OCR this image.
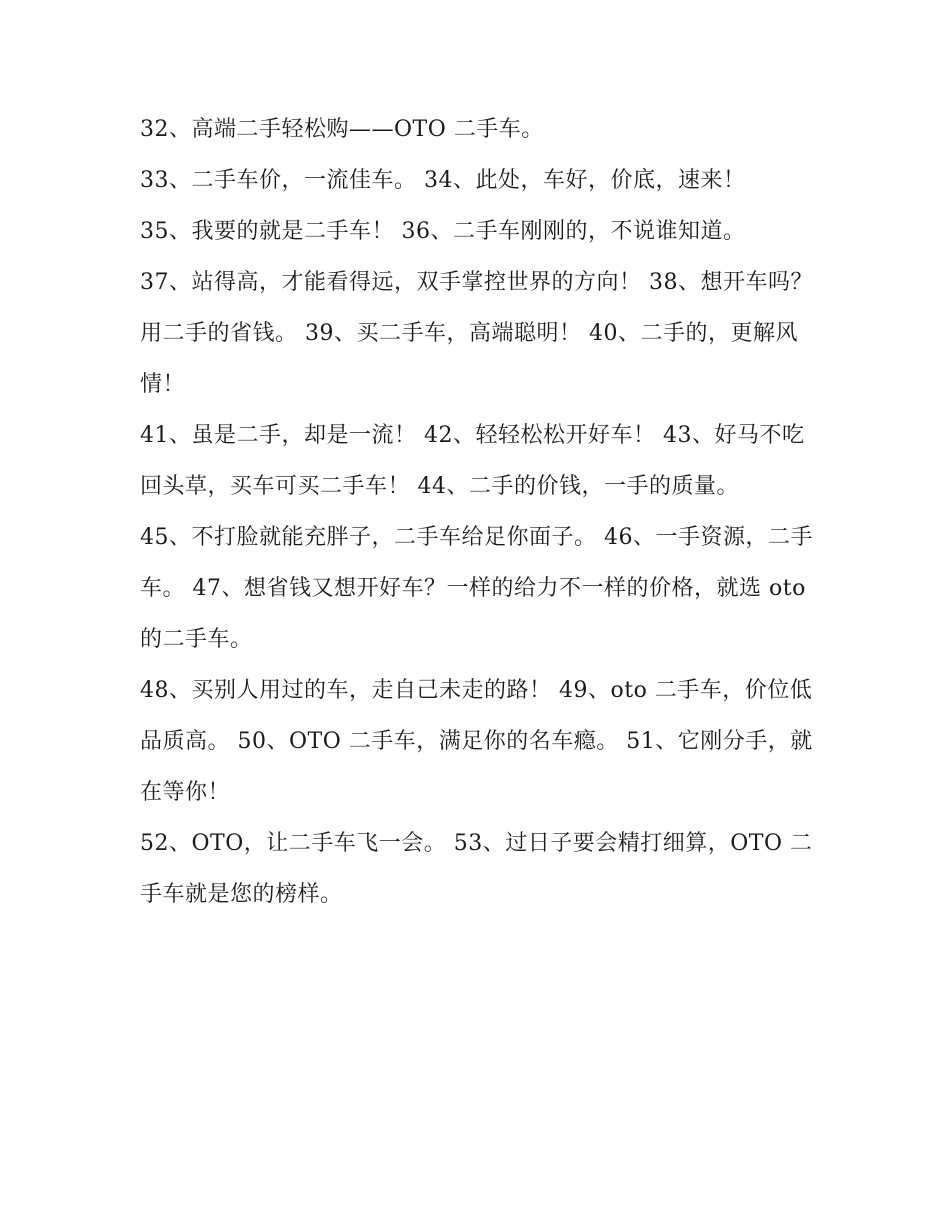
32、高端二手轻松购——OTO 二手车。

33、二手车价，一流佳车。 34、此处，车好，价底，速来！

35、我要的就是二手车！ 36、二手车刚刚的，不说谁知道。

37、站得高，才能看得远，双手掌控世界的方向！ 38、想开车吗？用二手的省钱。 39、买二手车，高端聪明！ 40、二手的，更解风情！

41、虽是二手，却是一流！ 42、轻轻松松开好车！ 43、好马不吃回头草，买车可买二手车！ 44、二手的价钱，一手的质量。

45、不打脸就能充胖子，二手车给足你面子。 46、一手资源，二手车。 47、想省钱又想开好车？一样的给力不一样的价格，就选 oto 的二手车。

48、买别人用过的车，走自己未走的路！ 49、oto 二手车，价位低品质高。 50、OTO 二手车，满足你的名车瘾。 51、它刚分手，就在等你！

52、OTO，让二手车飞一会。 53、过日子要会精打细算，OTO 二手车就是您的榜样。
